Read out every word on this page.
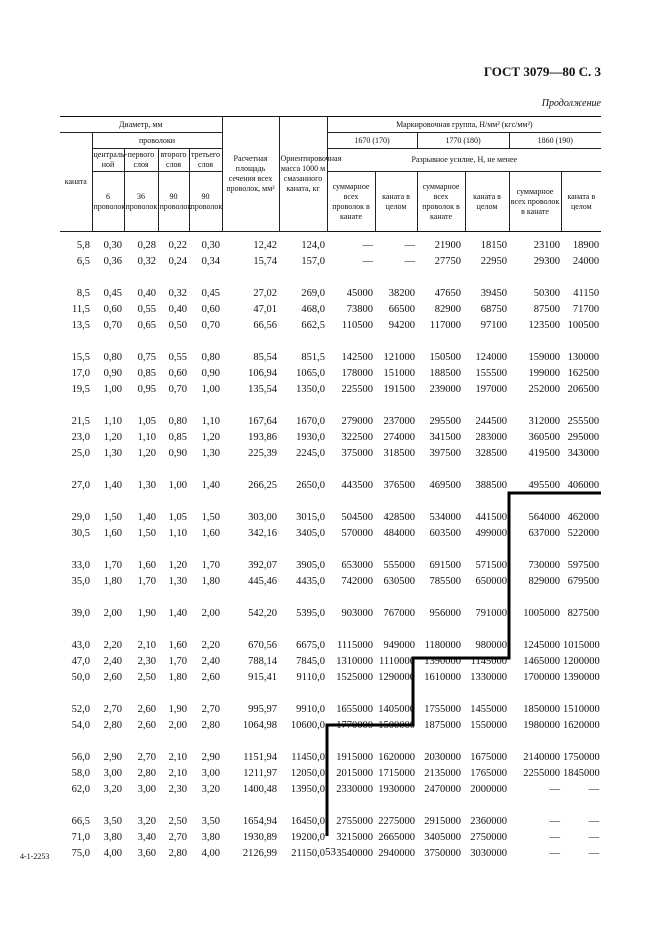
ГОСТ 3079—80 С. 3
Продолжение
Диаметр, мм					Расчетная площадь сечения всех проволок, мм²	Ориентировочная масса 1000 м смазанного каната, кг	Маркировочная группа, Н/мм² (кгс/мм²)					
каната	проволоки						1670 (170)		1770 (180)		1860 (190)	
	централь-ной	первого слоя	второго слоя	третьего слоя			Разрывное усилие, Н, не менее					
	6 проволок	36 проволок	90 проволок	90 проволок			суммарное всех проволок в канате	каната в целом	суммарное всех проволок в канате	каната в целом	суммарное всех проволок в канате	каната в целом

5,8	0,30	0,28	0,22	0,30	12,42	124,0	—	—	21900	18150	23100	18900
6,5	0,36	0,32	0,24	0,34	15,74	157,0	—	—	27750	22950	29300	24000

8,5	0,45	0,40	0,32	0,45	27,02	269,0	45000	38200	47650	39450	50300	41150
11,5	0,60	0,55	0,40	0,60	47,01	468,0	73800	66500	82900	68750	87500	71700
13,5	0,70	0,65	0,50	0,70	66,56	662,5	110500	94200	117000	97100	123500	100500

15,5	0,80	0,75	0,55	0,80	85,54	851,5	142500	121000	150500	124000	159000	130000
17,0	0,90	0,85	0,60	0,90	106,94	1065,0	178000	151000	188500	155500	199000	162500
19,5	1,00	0,95	0,70	1,00	135,54	1350,0	225500	191500	239000	197000	252000	206500

21,5	1,10	1,05	0,80	1,10	167,64	1670,0	279000	237000	295500	244500	312000	255500
23,0	1,20	1,10	0,85	1,20	193,86	1930,0	322500	274000	341500	283000	360500	295000
25,0	1,30	1,20	0,90	1,30	225,39	2245,0	375000	318500	397500	328500	419500	343000

27,0	1,40	1,30	1,00	1,40	266,25	2650,0	443500	376500	469500	388500	495500	406000

29,0	1,50	1,40	1,05	1,50	303,00	3015,0	504500	428500	534000	441500	564000	462000
30,5	1,60	1,50	1,10	1,60	342,16	3405,0	570000	484000	603500	499000	637000	522000

33,0	1,70	1,60	1,20	1,70	392,07	3905,0	653000	555000	691500	571500	730000	597500
35,0	1,80	1,70	1,30	1,80	445,46	4435,0	742000	630500	785500	650000	829000	679500

39,0	2,00	1,90	1,40	2,00	542,20	5395,0	903000	767000	956000	791000	1005000	827500

43,0	2,20	2,10	1,60	2,20	670,56	6675,0	1115000	949000	1180000	980000	1245000	1015000
47,0	2,40	2,30	1,70	2,40	788,14	7845,0	1310000	1110000	1390000	1145000	1465000	1200000
50,0	2,60	2,50	1,80	2,60	915,41	9110,0	1525000	1290000	1610000	1330000	1700000	1390000

52,0	2,70	2,60	1,90	2,70	995,97	9910,0	1655000	1405000	1755000	1455000	1850000	1510000
54,0	2,80	2,60	2,00	2,80	1064,98	10600,0	1770000	1500000	1875000	1550000	1980000	1620000

56,0	2,90	2,70	2,10	2,90	1151,94	11450,0	1915000	1620000	2030000	1675000	2140000	1750000
58,0	3,00	2,80	2,10	3,00	1211,97	12050,0	2015000	1715000	2135000	1765000	2255000	1845000
62,0	3,20	3,00	2,30	3,20	1400,48	13950,0	2330000	1930000	2470000	2000000	—	—

66,5	3,50	3,20	2,50	3,50	1654,94	16450,0	2755000	2275000	2915000	2360000	—	—
71,0	3,80	3,40	2,70	3,80	1930,89	19200,0	3215000	2665000	3405000	2750000	—	—
75,0	4,00	3,60	2,80	4,00	2126,99	21150,0	3540000	2940000	3750000	3030000	—	—
4-1-2253	53
